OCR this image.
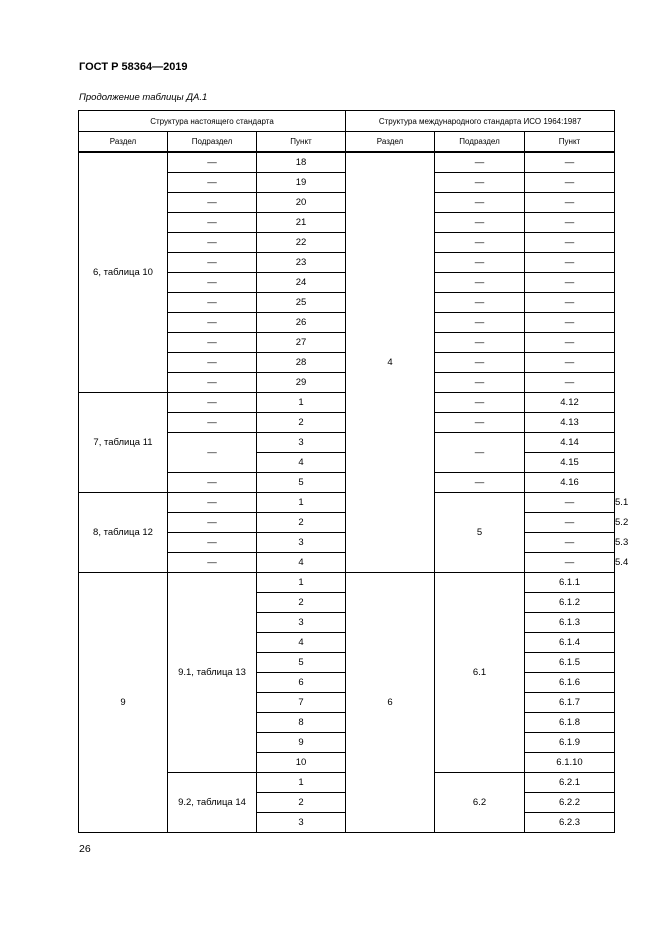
ГОСТ Р 58364—2019
Продолжение таблицы ДА.1
Структура настоящего стандарта			Структура международного стандарта ИСО 1964:1987			
Раздел	Подраздел	Пункт	Раздел	Подраздел	Пункт	
6, таблица 10	—	18	4	—	—	
	—	19		—	—	
	—	20		—	—	
	—	21		—	—	
	—	22		—	—	
	—	23		—	—	
	—	24		—	—	
	—	25		—	—	
	—	26		—	—	
	—	27		—	—	
	—	28		—	—	
	—	29		—	—	
7, таблица 11	—	1		—	4.12	
	—	2		—	4.13	
	—	3		—	4.14	
		4			4.15	
	—	5		—	4.16	
8, таблица 12	—	1		5	—	5.1
	—	2			—	5.2
	—	3			—	5.3
	—	4			—	5.4
9	9.1, таблица 13	1	6	6.1	6.1.1	
		2			6.1.2	
		3			6.1.3	
		4			6.1.4	
		5			6.1.5	
		6			6.1.6	
		7			6.1.7	
		8			6.1.8	
		9			6.1.9	
		10			6.1.10	
	9.2, таблица 14	1		6.2	6.2.1	
		2			6.2.2	
		3			6.2.3	
26
